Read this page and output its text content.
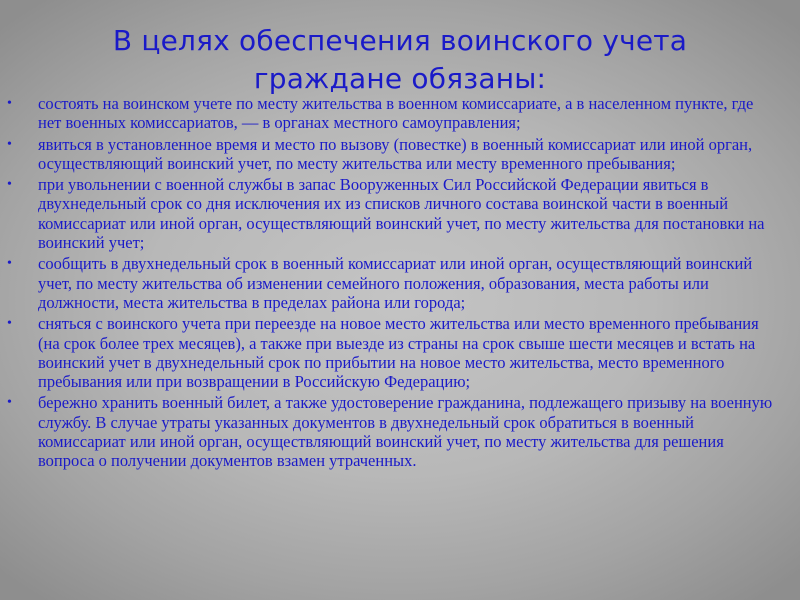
В целях обеспечения воинского учета
граждане обязаны:
• состоять на воинском учете по месту жительства в военном комиссариате, а в населенном пункте, где нет военных комиссариатов, — в органах местного самоуправления;
• явиться в установленное время и место по вызову (повестке) в военный комиссариат или иной орган, осуществляющий воинский учет, по месту жительства или месту временного пребывания;
• при увольнении с военной службы в запас Вооруженных Сил Российской Федерации явиться в двухнедельный срок со дня исключения их из списков личного состава воинской части в военный комиссариат или иной орган, осуществляющий воинский учет, по месту жительства для постановки на воинский учет;
• сообщить в двухнедельный срок в военный комиссариат или иной орган, осуществляющий воинский учет, по месту жительства об изменении семейного положения, образования, места работы или должности, места жительства в пределах района или города;
• сняться с воинского учета при переезде на новое место жительства или место временного пребывания (на срок более трех месяцев), а также при выезде из страны на срок свыше шести месяцев и встать на воинский учет в двухнедельный срок по прибытии на новое место жительства, место временного пребывания или при возвращении в Российскую Федерацию;
• бережно хранить военный билет, а также удостоверение гражданина, подлежащего призыву на военную службу. В случае утраты указанных документов в двухнедельный срок обратиться в военный комиссариат или иной орган, осуществляющий воинский учет, по месту жительства для решения вопроса о получении документов взамен утраченных.
